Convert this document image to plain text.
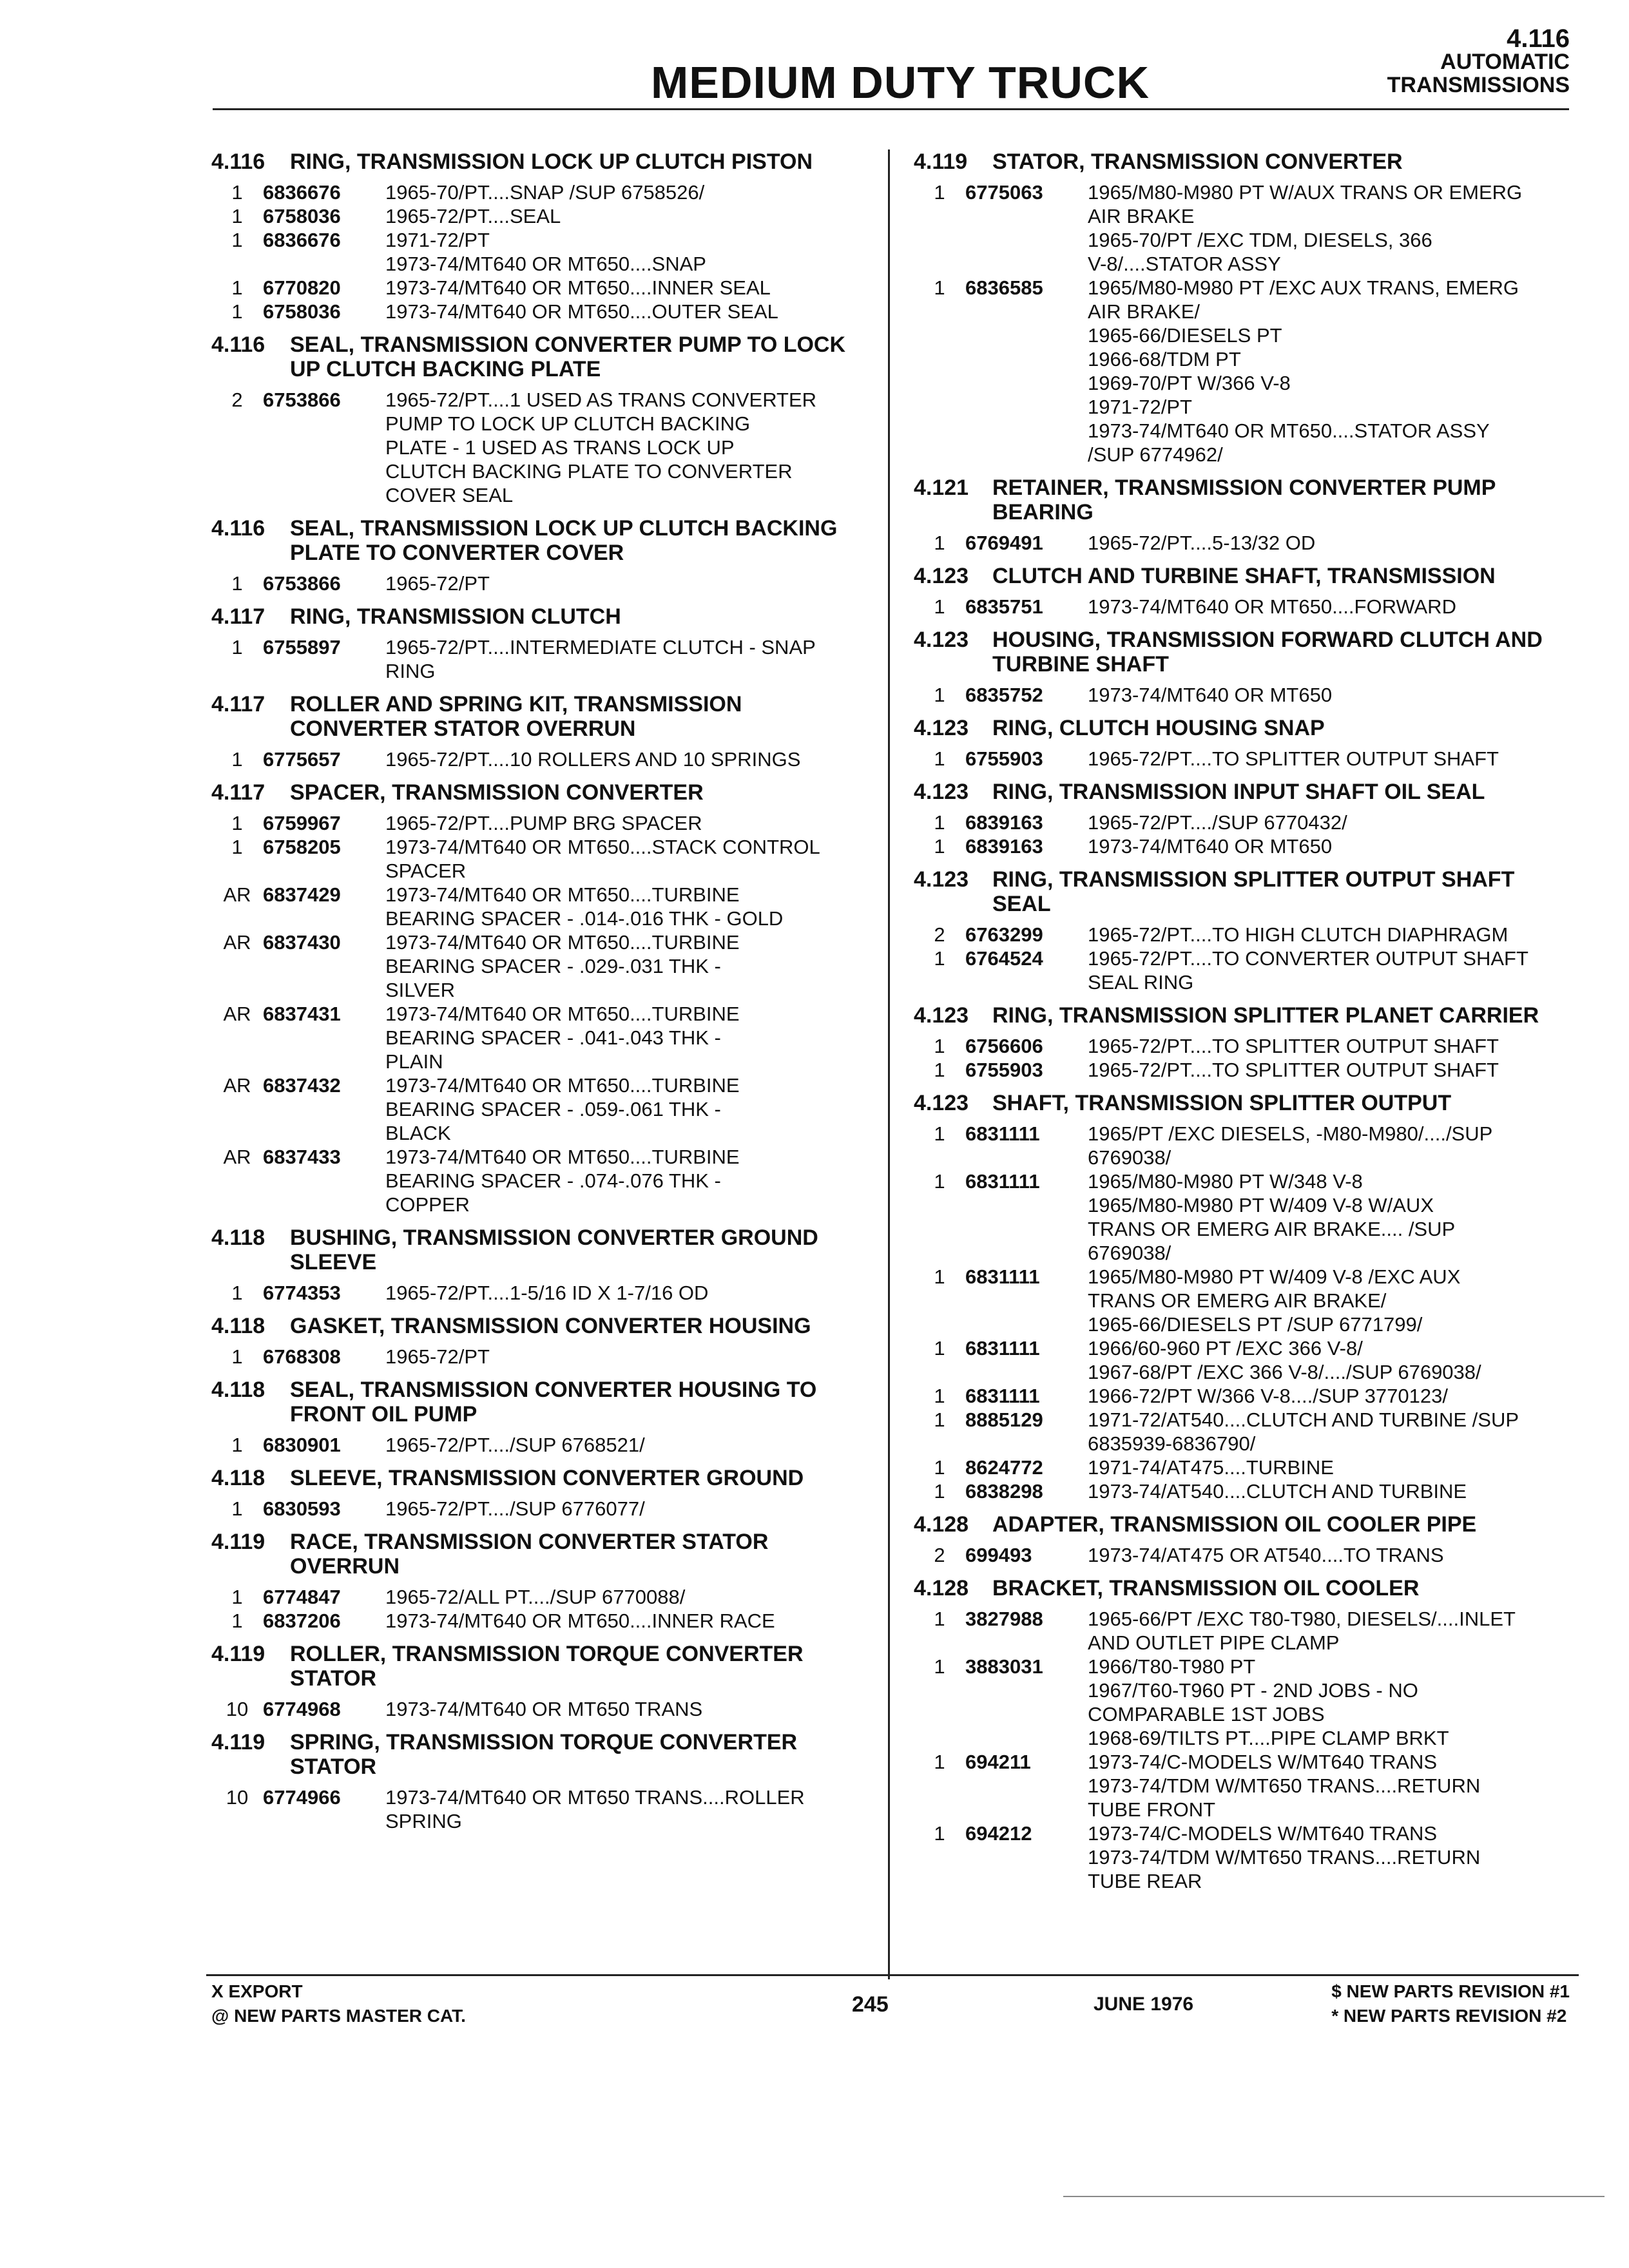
MEDIUM DUTY TRUCK
4.116
AUTOMATIC
TRANSMISSIONS
4.116	RING, TRANSMISSION LOCK UP CLUTCH PISTON
1	6836676	1965-70/PT....SNAP /SUP 6758526/
1	6758036	1965-72/PT....SEAL
1	6836676	1971-72/PT
1973-74/MT640 OR MT650....SNAP
1	6770820	1973-74/MT640 OR MT650....INNER SEAL
1	6758036	1973-74/MT640 OR MT650....OUTER SEAL
4.116	SEAL, TRANSMISSION CONVERTER PUMP TO LOCK UP CLUTCH BACKING PLATE
2	6753866	1965-72/PT....1 USED AS TRANS CONVERTER
PUMP TO LOCK UP CLUTCH BACKING
PLATE - 1 USED AS TRANS LOCK UP
CLUTCH BACKING PLATE TO CONVERTER
COVER SEAL
4.116	SEAL, TRANSMISSION LOCK UP CLUTCH BACKING PLATE TO CONVERTER COVER
1	6753866	1965-72/PT
4.117	RING, TRANSMISSION CLUTCH
1	6755897	1965-72/PT....INTERMEDIATE CLUTCH - SNAP
RING
4.117	ROLLER AND SPRING KIT, TRANSMISSION CONVERTER STATOR OVERRUN
1	6775657	1965-72/PT....10 ROLLERS AND 10 SPRINGS
4.117	SPACER, TRANSMISSION CONVERTER
1	6759967	1965-72/PT....PUMP BRG SPACER
1	6758205	1973-74/MT640 OR MT650....STACK CONTROL
SPACER
AR 6837429	1973-74/MT640 OR MT650....TURBINE
BEARING SPACER - .014-.016 THK - GOLD
AR 6837430	1973-74/MT640 OR MT650....TURBINE
BEARING SPACER - .029-.031 THK -
SILVER
AR 6837431	1973-74/MT640 OR MT650....TURBINE
BEARING SPACER - .041-.043 THK -
PLAIN
AR 6837432	1973-74/MT640 OR MT650....TURBINE
BEARING SPACER - .059-.061 THK -
BLACK
AR 6837433	1973-74/MT640 OR MT650....TURBINE
BEARING SPACER - .074-.076 THK -
COPPER
4.118	BUSHING, TRANSMISSION CONVERTER GROUND SLEEVE
1	6774353	1965-72/PT....1-5/16 ID X 1-7/16 OD
4.118	GASKET, TRANSMISSION CONVERTER HOUSING
1	6768308	1965-72/PT
4.118	SEAL, TRANSMISSION CONVERTER HOUSING TO FRONT OIL PUMP
1	6830901	1965-72/PT..../SUP 6768521/
4.118	SLEEVE, TRANSMISSION CONVERTER GROUND
1	6830593	1965-72/PT..../SUP 6776077/
4.119	RACE, TRANSMISSION CONVERTER STATOR OVERRUN
1	6774847	1965-72/ALL PT..../SUP 6770088/
1	6837206	1973-74/MT640 OR MT650....INNER RACE
4.119	ROLLER, TRANSMISSION TORQUE CONVERTER STATOR
10 6774968	1973-74/MT640 OR MT650 TRANS
4.119	SPRING, TRANSMISSION TORQUE CONVERTER STATOR
10 6774966	1973-74/MT640 OR MT650 TRANS....ROLLER
SPRING
4.119	STATOR, TRANSMISSION CONVERTER
1	6775063	1965/M80-M980 PT W/AUX TRANS OR EMERG
AIR BRAKE
1965-70/PT /EXC TDM, DIESELS, 366
V-8/....STATOR ASSY
1	6836585	1965/M80-M980 PT /EXC AUX TRANS, EMERG
AIR BRAKE/
1965-66/DIESELS PT
1966-68/TDM PT
1969-70/PT W/366 V-8
1971-72/PT
1973-74/MT640 OR MT650....STATOR ASSY
/SUP 6774962/
4.121	RETAINER, TRANSMISSION CONVERTER PUMP BEARING
1	6769491	1965-72/PT....5-13/32 OD
4.123	CLUTCH AND TURBINE SHAFT, TRANSMISSION
1	6835751	1973-74/MT640 OR MT650....FORWARD
4.123	HOUSING, TRANSMISSION FORWARD CLUTCH AND TURBINE SHAFT
1	6835752	1973-74/MT640 OR MT650
4.123	RING, CLUTCH HOUSING SNAP
1	6755903	1965-72/PT....TO SPLITTER OUTPUT SHAFT
4.123	RING, TRANSMISSION INPUT SHAFT OIL SEAL
1	6839163	1965-72/PT..../SUP 6770432/
1	6839163	1973-74/MT640 OR MT650
4.123	RING, TRANSMISSION SPLITTER OUTPUT SHAFT SEAL
2	6763299	1965-72/PT....TO HIGH CLUTCH DIAPHRAGM
1	6764524	1965-72/PT....TO CONVERTER OUTPUT SHAFT
SEAL RING
4.123	RING, TRANSMISSION SPLITTER PLANET CARRIER
1	6756606	1965-72/PT....TO SPLITTER OUTPUT SHAFT
1	6755903	1965-72/PT....TO SPLITTER OUTPUT SHAFT
4.123	SHAFT, TRANSMISSION SPLITTER OUTPUT
1	6831111	1965/PT /EXC DIESELS, -M80-M980/..../SUP
6769038/
1	6831111	1965/M80-M980 PT W/348 V-8
1965/M80-M980 PT W/409 V-8 W/AUX
TRANS OR EMERG AIR BRAKE.... /SUP
6769038/
1	6831111	1965/M80-M980 PT W/409 V-8 /EXC AUX
TRANS OR EMERG AIR BRAKE/
1965-66/DIESELS PT /SUP 6771799/
1	6831111	1966/60-960 PT /EXC 366 V-8/
1967-68/PT /EXC 366 V-8/..../SUP 6769038/
1	6831111	1966-72/PT W/366 V-8..../SUP 3770123/
1	8885129	1971-72/AT540....CLUTCH AND TURBINE /SUP
6835939-6836790/
1	8624772	1971-74/AT475....TURBINE
1	6838298	1973-74/AT540....CLUTCH AND TURBINE
4.128	ADAPTER, TRANSMISSION OIL COOLER PIPE
2	699493	1973-74/AT475 OR AT540....TO TRANS
4.128	BRACKET, TRANSMISSION OIL COOLER
1	3827988	1965-66/PT /EXC T80-T980, DIESELS/....INLET
AND OUTLET PIPE CLAMP
1	3883031	1966/T80-T980 PT
1967/T60-T960 PT - 2ND JOBS - NO
COMPARABLE 1ST JOBS
1968-69/TILTS PT....PIPE CLAMP BRKT
1	694211	1973-74/C-MODELS W/MT640 TRANS
1973-74/TDM W/MT650 TRANS....RETURN
TUBE FRONT
1	694212	1973-74/C-MODELS W/MT640 TRANS
1973-74/TDM W/MT650 TRANS....RETURN
TUBE REAR
X EXPORT
@ NEW PARTS MASTER CAT.	245	JUNE 1976
$ NEW PARTS REVISION #1
* NEW PARTS REVISION #2
